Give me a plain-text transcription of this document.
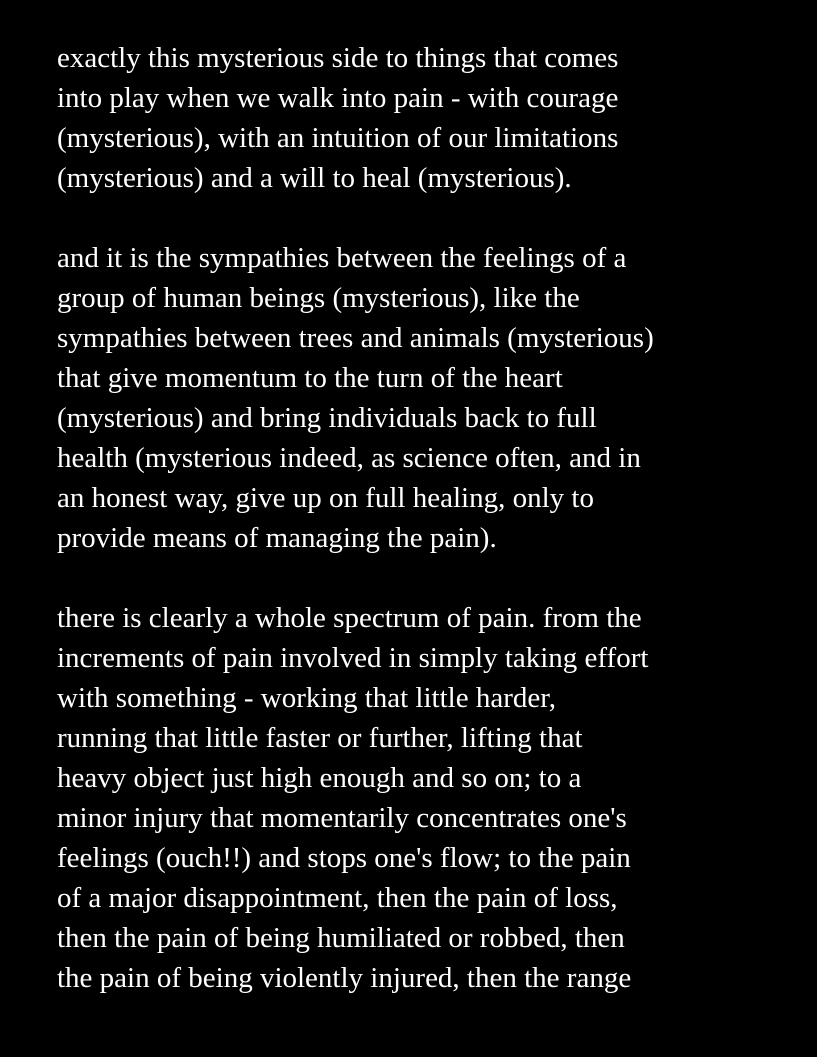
exactly this mysterious side to things that comes
into play when we walk into pain - with courage
(mysterious), with an intuition of our limitations
(mysterious) and a will to heal (mysterious).

and it is the sympathies between the feelings of a
group of human beings (mysterious), like the
sympathies between trees and animals (mysterious)
that give momentum to the turn of the heart
(mysterious) and bring individuals back to full
health (mysterious indeed, as science often, and in
an honest way, give up on full healing, only to
provide means of managing the pain).

there is clearly a whole spectrum of pain. from the
increments of pain involved in simply taking effort
with something - working that little harder,
running that little faster or further, lifting that
heavy object just high enough and so on; to a
minor injury that momentarily concentrates one's
feelings (ouch!!) and stops one's flow; to the pain
of a major disappointment, then the pain of loss,
then the pain of being humiliated or robbed, then
the pain of being violently injured, then the range
